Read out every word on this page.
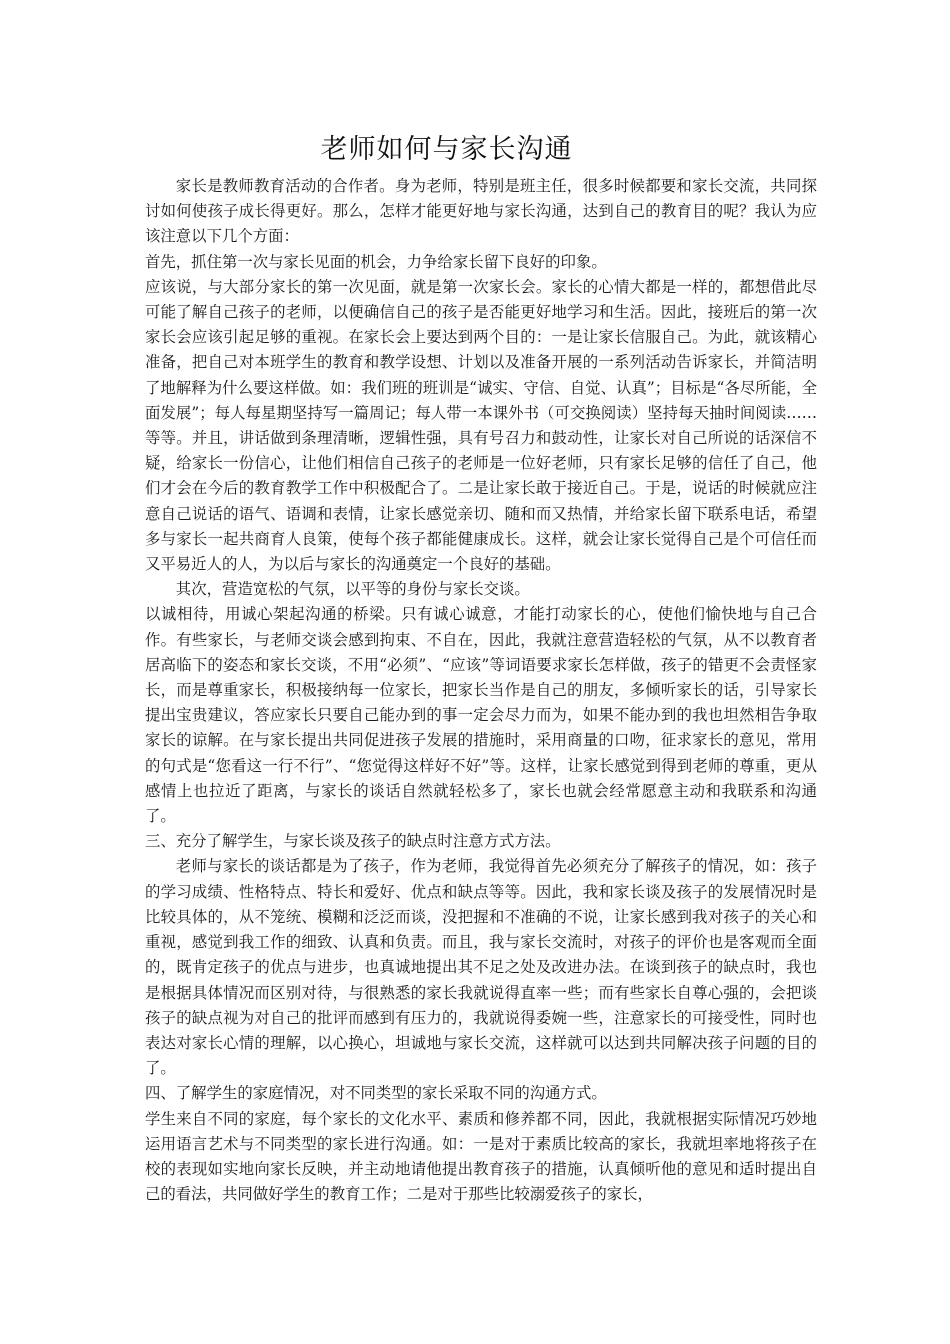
老师如何与家长沟通

家长是教师教育活动的合作者。身为老师，特别是班主任，很多时候都要和家长交流，共同探讨如何使孩子成长得更好。那么，怎样才能更好地与家长沟通，达到自己的教育目的呢？我认为应该注意以下几个方面：

首先，抓住第一次与家长见面的机会，力争给家长留下良好的印象。

应该说，与大部分家长的第一次见面，就是第一次家长会。家长的心情大都是一样的，都想借此尽可能了解自己孩子的老师，以便确信自己的孩子是否能更好地学习和生活。因此，接班后的第一次家长会应该引起足够的重视。在家长会上要达到两个目的：一是让家长信服自己。为此，就该精心准备，把自己对本班学生的教育和教学设想、计划以及准备开展的一系列活动告诉家长，并简洁明了地解释为什么要这样做。如：我们班的班训是“诚实、守信、自觉、认真”；目标是“各尽所能，全面发展”；每人每星期坚持写一篇周记；每人带一本课外书（可交换阅读）坚持每天抽时间阅读……等等。并且，讲话做到条理清晰，逻辑性强，具有号召力和鼓动性，让家长对自己所说的话深信不疑，给家长一份信心，让他们相信自己孩子的老师是一位好老师，只有家长足够的信任了自己，他们才会在今后的教育教学工作中积极配合了。二是让家长敢于接近自己。于是，说话的时候就应注意自己说话的语气、语调和表情，让家长感觉亲切、随和而又热情，并给家长留下联系电话，希望多与家长一起共商育人良策，使每个孩子都能健康成长。这样，就会让家长觉得自己是个可信任而又平易近人的人，为以后与家长的沟通奠定一个良好的基础。

其次，营造宽松的气氛，以平等的身份与家长交谈。

以诚相待，用诚心架起沟通的桥梁。只有诚心诚意，才能打动家长的心，使他们愉快地与自己合作。有些家长，与老师交谈会感到拘束、不自在，因此，我就注意营造轻松的气氛，从不以教育者居高临下的姿态和家长交谈，不用“必须”、“应该”等词语要求家长怎样做，孩子的错更不会责怪家长，而是尊重家长，积极接纳每一位家长，把家长当作是自己的朋友，多倾听家长的话，引导家长提出宝贵建议，答应家长只要自己能办到的事一定会尽力而为，如果不能办到的我也坦然相告争取家长的谅解。在与家长提出共同促进孩子发展的措施时，采用商量的口吻，征求家长的意见，常用的句式是“您看这一行不行”、“您觉得这样好不好”等。这样，让家长感觉到得到老师的尊重，更从感情上也拉近了距离，与家长的谈话自然就轻松多了，家长也就会经常愿意主动和我联系和沟通了。

三、充分了解学生，与家长谈及孩子的缺点时注意方式方法。

老师与家长的谈话都是为了孩子，作为老师，我觉得首先必须充分了解孩子的情况，如：孩子的学习成绩、性格特点、特长和爱好、优点和缺点等等。因此，我和家长谈及孩子的发展情况时是比较具体的，从不笼统、模糊和泛泛而谈，没把握和不准确的不说，让家长感到我对孩子的关心和重视，感觉到我工作的细致、认真和负责。而且，我与家长交流时，对孩子的评价也是客观而全面的，既肯定孩子的优点与进步，也真诚地提出其不足之处及改进办法。在谈到孩子的缺点时，我也是根据具体情况而区别对待，与很熟悉的家长我就说得直率一些；而有些家长自尊心强的，会把谈孩子的缺点视为对自己的批评而感到有压力的，我就说得委婉一些，注意家长的可接受性，同时也表达对家长心情的理解，以心换心，坦诚地与家长交流，这样就可以达到共同解决孩子问题的目的了。

四、了解学生的家庭情况，对不同类型的家长采取不同的沟通方式。

学生来自不同的家庭，每个家长的文化水平、素质和修养都不同，因此，我就根据实际情况巧妙地运用语言艺术与不同类型的家长进行沟通。如：一是对于素质比较高的家长，我就坦率地将孩子在校的表现如实地向家长反映，并主动地请他提出教育孩子的措施，认真倾听他的意见和适时提出自己的看法，共同做好学生的教育工作；二是对于那些比较溺爱孩子的家长，
